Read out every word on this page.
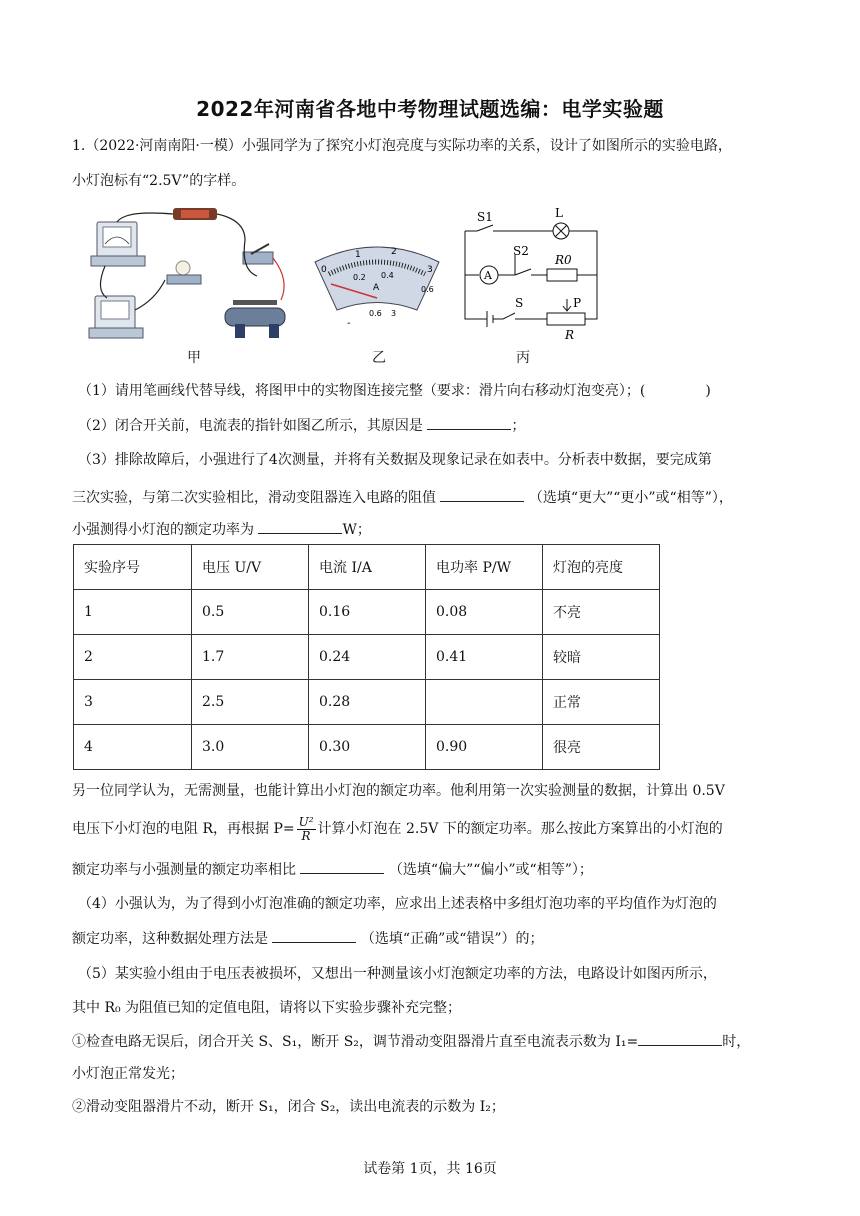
2022年河南省各地中考物理试题选编：电学实验题
1.（2022·河南南阳·一模）小强同学为了探究小灯泡亮度与实际功率的关系，设计了如图所示的实验电路，
小灯泡标有“2.5V”的字样。
甲
1	2
0
0.2 0.4
0.6
3
A
-
0.6 3
乙
S1	L
S2
A
R0
S	P
R
丙
（1）请用笔画线代替导线，将图甲中的实物图连接完整（要求：滑片向右移动灯泡变亮）；(	)
（2）闭合开关前，电流表的指针如图乙所示，其原因是	；
（3）排除故障后，小强进行了4次测量，并将有关数据及现象记录在如表中。分析表中数据，要完成第
三次实验，与第二次实验相比，滑动变阻器连入电路的阻值	（选填“更大”“更小”或“相等”），
小强测得小灯泡的额定功率为	W；
实验序号	电压 U/V	电流 I/A	电功率 P/W	灯泡的亮度
1	0.5	0.16	0.08	不亮
2	1.7	0.24	0.41	较暗
3	2.5	0.28		正常
4	3.0	0.30	0.90	很亮
另一位同学认为，无需测量，也能计算出小灯泡的额定功率。他利用第一次实验测量的数据，计算出 0.5V
电压下小灯泡的电阻 R，再根据 $P= \frac{\text{U²}}{R}$ 计算小灯泡在 2.5V 下的额定功率。那么按此方案算出的小灯泡的
额定功率与小强测量的额定功率相比	（选填“偏大”“偏小”或“相等”）；
（4）小强认为，为了得到小灯泡准确的额定功率，应求出上述表格中多组灯泡功率的平均值作为灯泡的
额定功率，这种数据处理方法是	（选填“正确”或“错误”）的；
（5）某实验小组由于电压表被损坏，又想出一种测量该小灯泡额定功率的方法，电路设计如图丙所示，
其中 R₀ 为阻值已知的定值电阻，请将以下实验步骤补充完整；
①检查电路无误后，闭合开关 S、S₁，断开 S₂，调节滑动变阻器滑片直至电流表示数为 I₁=	时，
小灯泡正常发光；
②滑动变阻器滑片不动，断开 S₁，闭合 S₂，读出电流表的示数为 I₂；
试卷第 1页，共 16页
